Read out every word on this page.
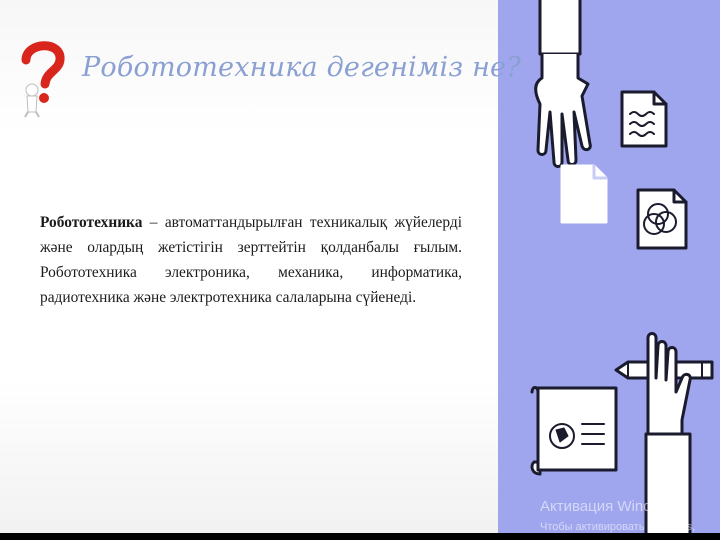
Робототехника дегеніміз не?
Робототехника – автоматтандырылған техникалық жүйелерді және олардың жетістігін зерттейтін қолданбалы ғылым. Робототехника электроника, механика, информатика, радиотехника және электротехника салаларына сүйенеді.
Активация Windows
Чтобы активировать Windows,
